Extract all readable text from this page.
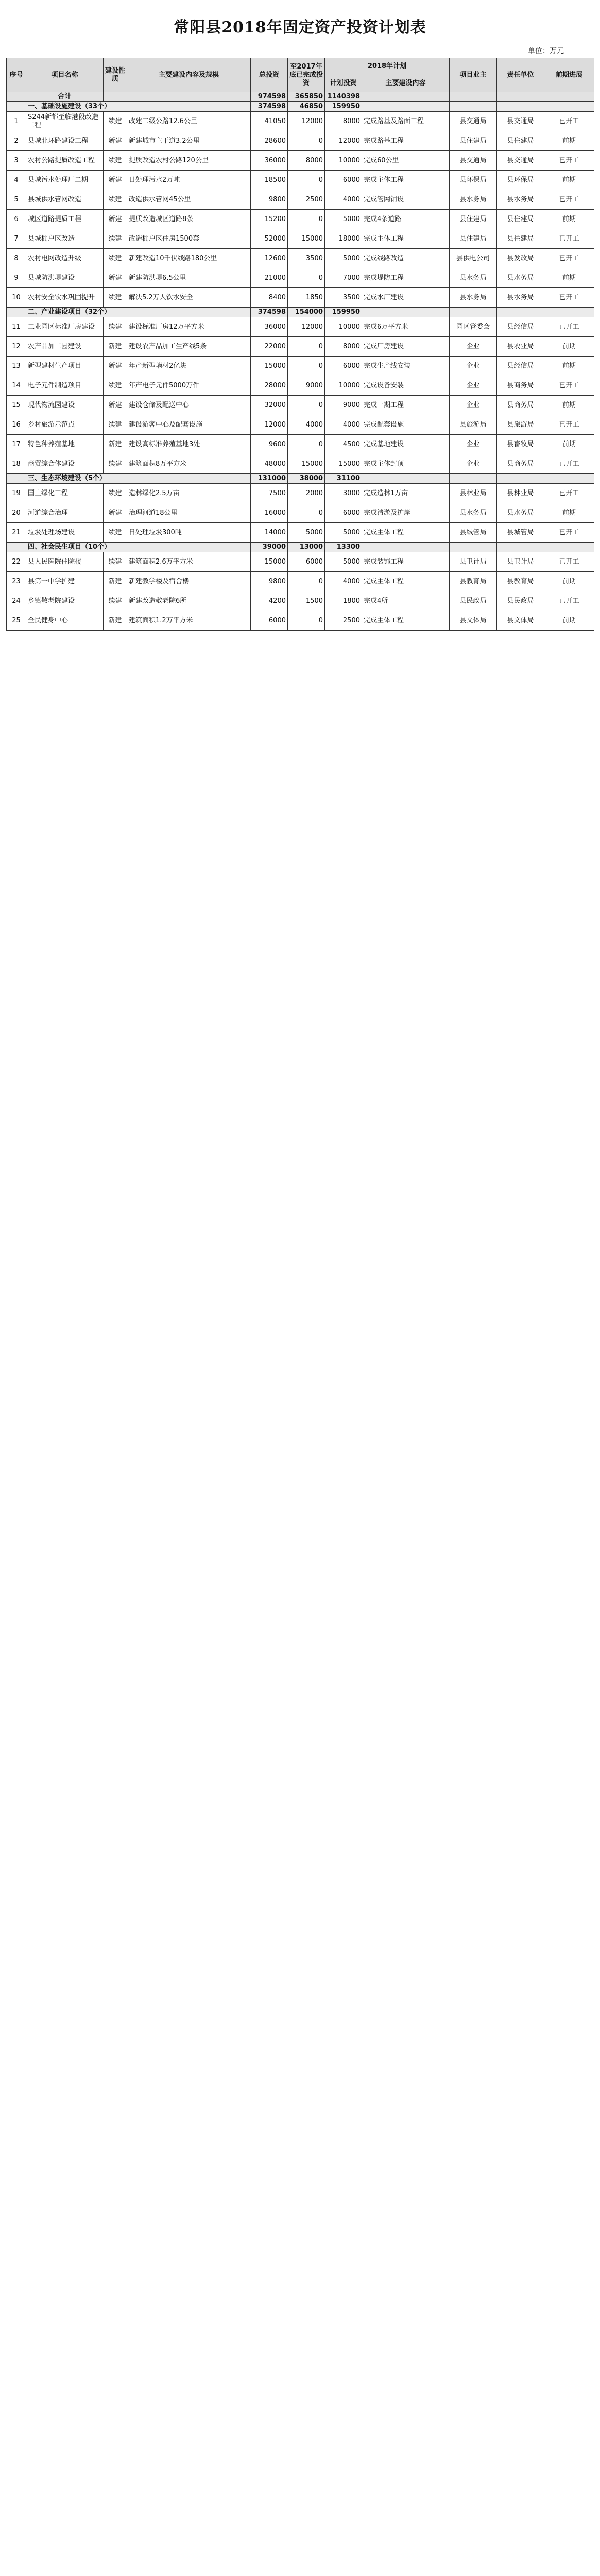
常阳县2018年固定资产投资计划表
单位：万元
序号	项目名称	建设性质	主要建设内容及规模	总投资	至2017年底已完成投资	2018年计划		项目业主	责任单位	前期进展
						计划投资	主要建设内容			
	合计			974598	365850	1140398				
	一、基础设施建设（33个）			374598	46850	159950				
1	S244新都至临港段改造工程	续建	改建二级公路12.6公里	41050	12000	8000	完成路基及路面工程	县交通局	县交通局	已开工
2	县城北环路建设工程	新建	新建城市主干道3.2公里	28600	0	12000	完成路基工程	县住建局	县住建局	前期
3	农村公路提质改造工程	续建	提质改造农村公路120公里	36000	8000	10000	完成60公里	县交通局	县交通局	已开工
4	县城污水处理厂二期	新建	日处理污水2万吨	18500	0	6000	完成主体工程	县环保局	县环保局	前期
5	县城供水管网改造	续建	改造供水管网45公里	9800	2500	4000	完成管网铺设	县水务局	县水务局	已开工
6	城区道路提质工程	新建	提质改造城区道路8条	15200	0	5000	完成4条道路	县住建局	县住建局	前期
7	县城棚户区改造	续建	改造棚户区住房1500套	52000	15000	18000	完成主体工程	县住建局	县住建局	已开工
8	农村电网改造升级	续建	新建改造10千伏线路180公里	12600	3500	5000	完成线路改造	县供电公司	县发改局	已开工
9	县城防洪堤建设	新建	新建防洪堤6.5公里	21000	0	7000	完成堤防工程	县水务局	县水务局	前期
10	农村安全饮水巩固提升	续建	解决5.2万人饮水安全	8400	1850	3500	完成水厂建设	县水务局	县水务局	已开工
	二、产业建设项目（32个）			374598	154000	159950				
11	工业园区标准厂房建设	续建	建设标准厂房12万平方米	36000	12000	10000	完成6万平方米	园区管委会	县经信局	已开工
12	农产品加工园建设	新建	建设农产品加工生产线5条	22000	0	8000	完成厂房建设	企业	县农业局	前期
13	新型建材生产项目	新建	年产新型墙材2亿块	15000	0	6000	完成生产线安装	企业	县经信局	前期
14	电子元件制造项目	续建	年产电子元件5000万件	28000	9000	10000	完成设备安装	企业	县商务局	已开工
15	现代物流园建设	新建	建设仓储及配送中心	32000	0	9000	完成一期工程	企业	县商务局	前期
16	乡村旅游示范点	续建	建设游客中心及配套设施	12000	4000	4000	完成配套设施	县旅游局	县旅游局	已开工
17	特色种养殖基地	新建	建设高标准养殖基地3处	9600	0	4500	完成基地建设	企业	县畜牧局	前期
18	商贸综合体建设	续建	建筑面积8万平方米	48000	15000	15000	完成主体封顶	企业	县商务局	已开工
	三、生态环境建设（5个）			131000	38000	31100				
19	国土绿化工程	续建	造林绿化2.5万亩	7500	2000	3000	完成造林1万亩	县林业局	县林业局	已开工
20	河道综合治理	新建	治理河道18公里	16000	0	6000	完成清淤及护岸	县水务局	县水务局	前期
21	垃圾处理场建设	续建	日处理垃圾300吨	14000	5000	5000	完成主体工程	县城管局	县城管局	已开工
	四、社会民生项目（10个）			39000	13000	13300				
22	县人民医院住院楼	续建	建筑面积2.6万平方米	15000	6000	5000	完成装饰工程	县卫计局	县卫计局	已开工
23	县第一中学扩建	新建	新建教学楼及宿舍楼	9800	0	4000	完成主体工程	县教育局	县教育局	前期
24	乡镇敬老院建设	续建	新建改造敬老院6所	4200	1500	1800	完成4所	县民政局	县民政局	已开工
25	全民健身中心	新建	建筑面积1.2万平方米	6000	0	2500	完成主体工程	县文体局	县文体局	前期
